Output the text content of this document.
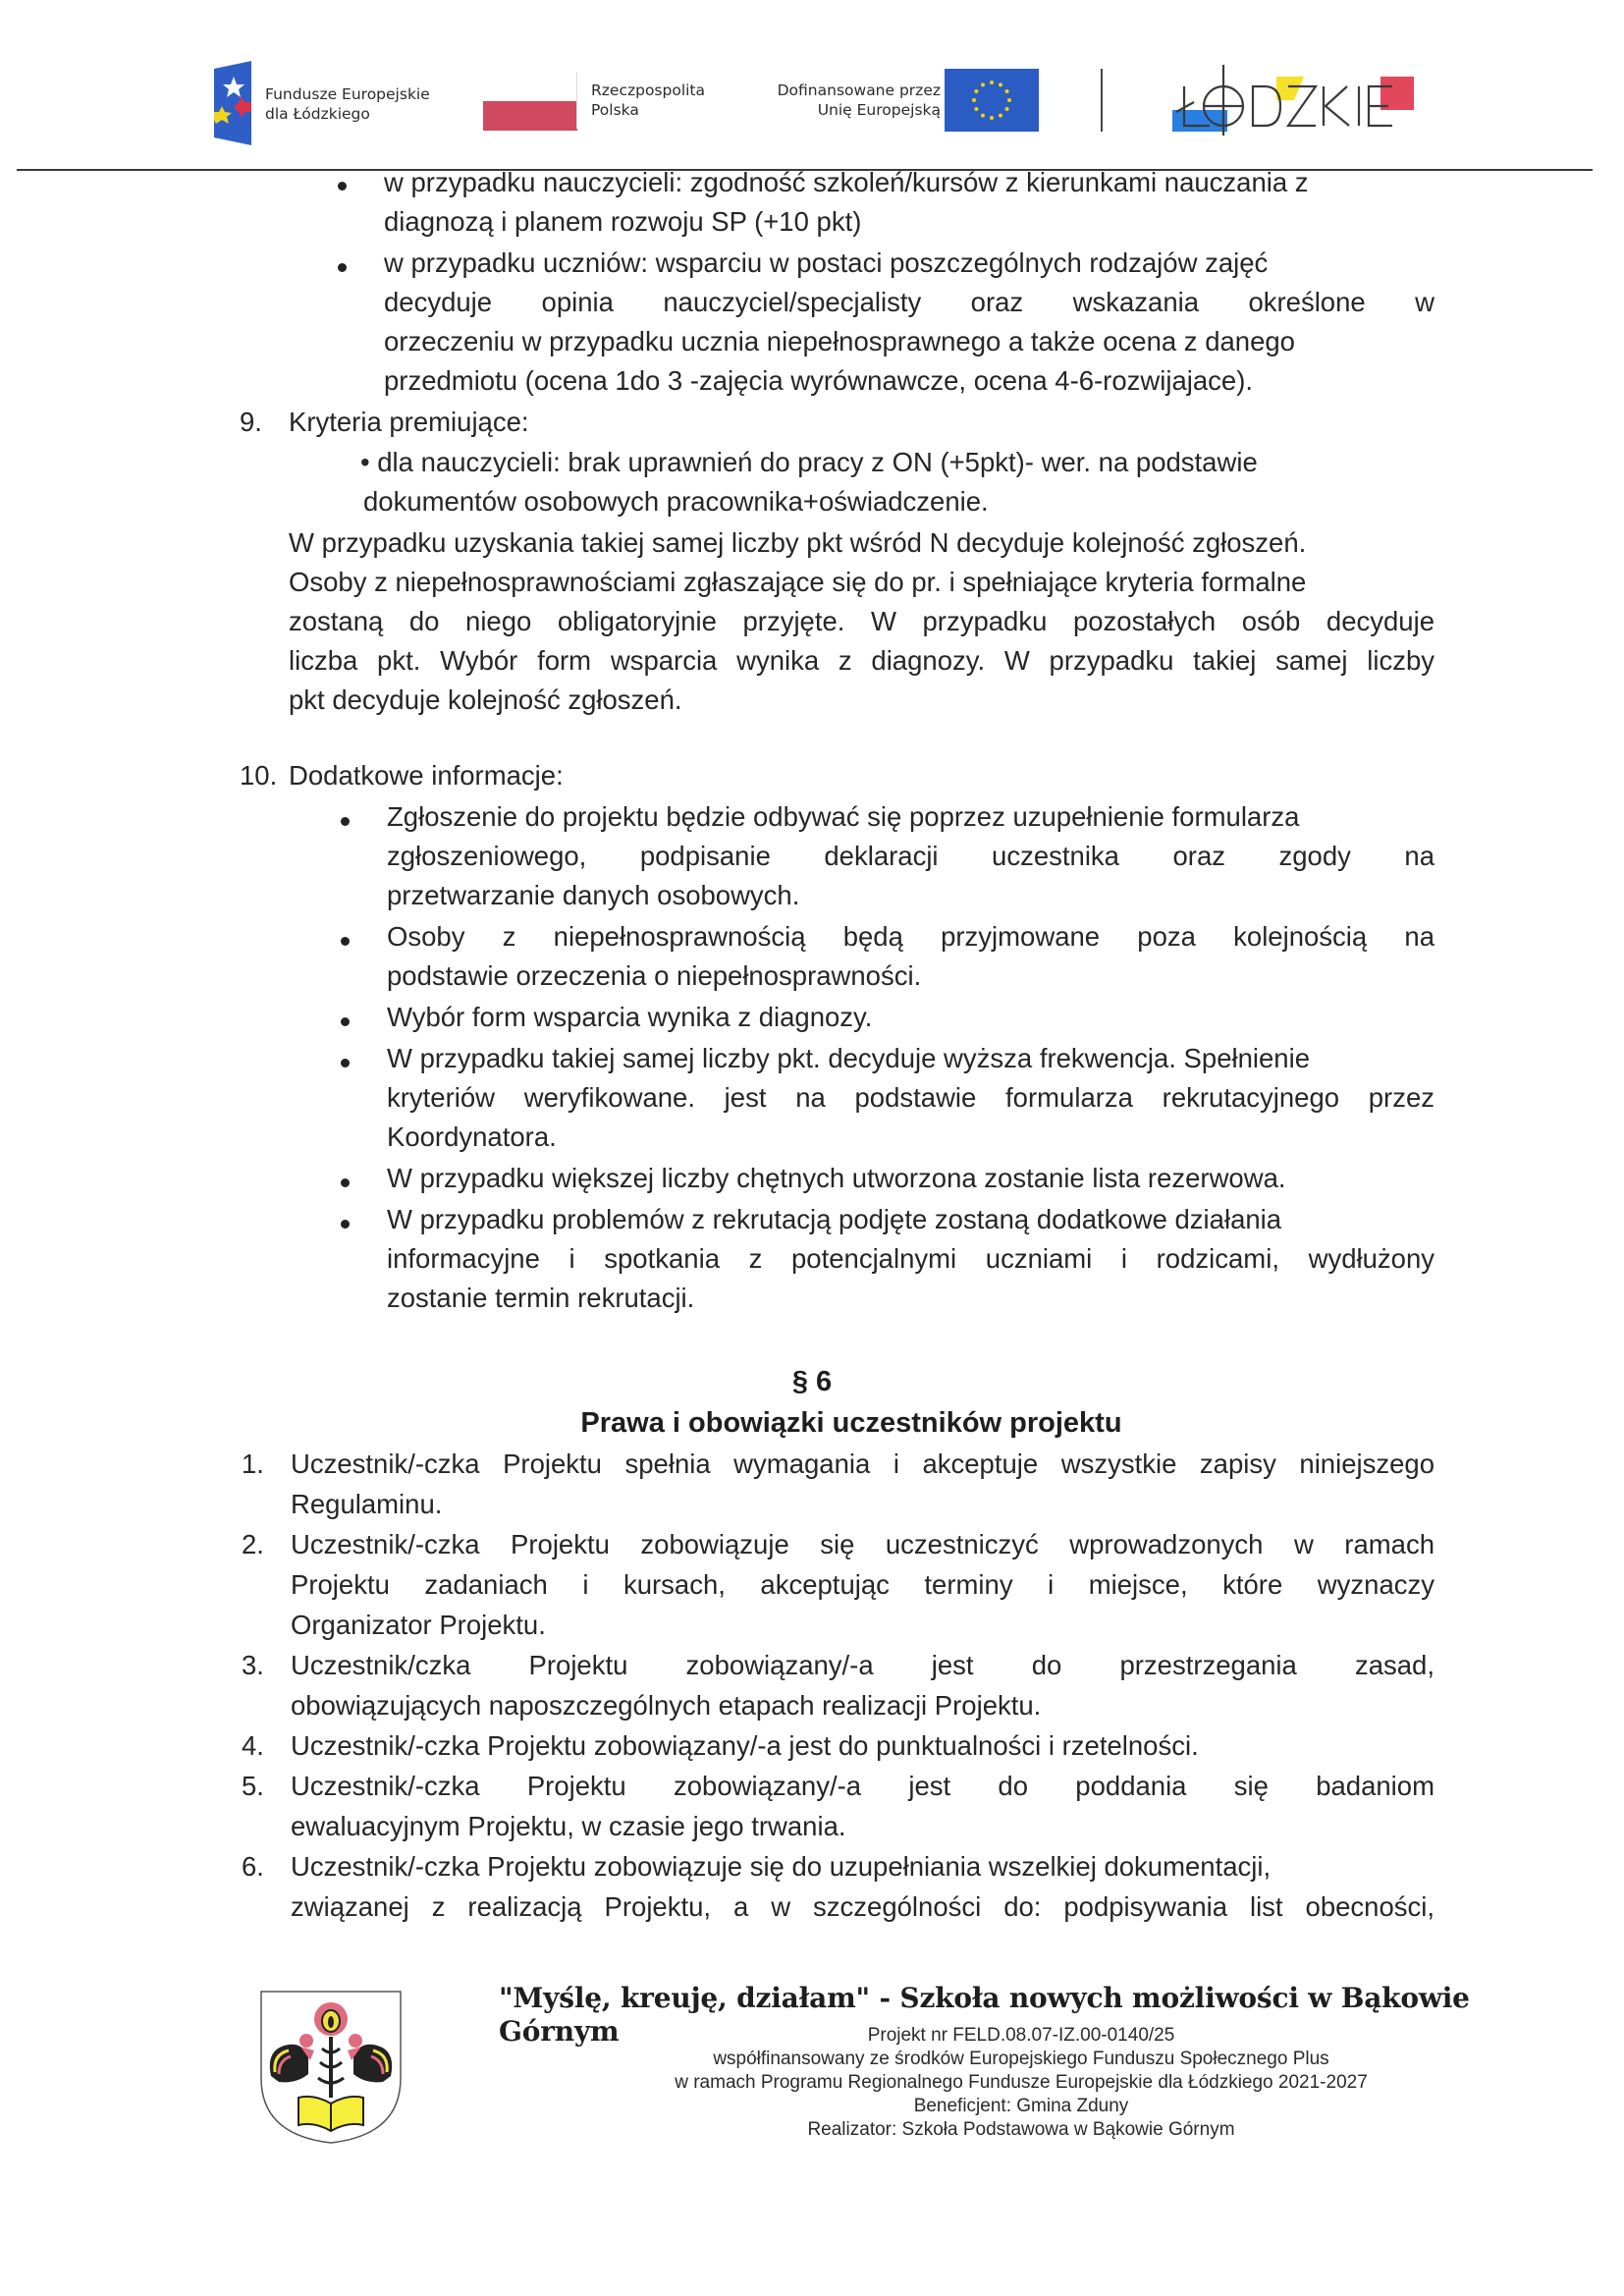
Fundusze Europejskie
dla Łódzkiego
Rzeczpospolita
Polska
Dofinansowane przez
Unię Europejską
w przypadku nauczycieli: zgodność szkoleń/kursów z kierunkami nauczania z
diagnozą i planem rozwoju SP (+10 pkt)
w przypadku uczniów: wsparciu w postaci poszczególnych rodzajów zajęć
decyduje opinia nauczyciel/specjalisty oraz wskazania określone w
orzeczeniu w przypadku ucznia niepełnosprawnego a także ocena z danego
przedmiotu (ocena 1do 3 -zajęcia wyrównawcze, ocena 4-6-rozwijajace).
9. Kryteria premiujące:
• dla nauczycieli: brak uprawnień do pracy z ON (+5pkt)- wer. na podstawie
dokumentów osobowych pracownika+oświadczenie.
W przypadku uzyskania takiej samej liczby pkt wśród N decyduje kolejność zgłoszeń.
Osoby z niepełnosprawnościami zgłaszające się do pr. i spełniające kryteria formalne
zostaną do niego obligatoryjnie przyjęte. W przypadku pozostałych osób decyduje
liczba pkt. Wybór form wsparcia wynika z diagnozy. W przypadku takiej samej liczby
pkt decyduje kolejność zgłoszeń.
10. Dodatkowe informacje:
Zgłoszenie do projektu będzie odbywać się poprzez uzupełnienie formularza
zgłoszeniowego, podpisanie deklaracji uczestnika oraz zgody na
przetwarzanie danych osobowych.
Osoby z niepełnosprawnością będą przyjmowane poza kolejnością na
podstawie orzeczenia o niepełnosprawności.
Wybór form wsparcia wynika z diagnozy.
W przypadku takiej samej liczby pkt. decyduje wyższa frekwencja. Spełnienie
kryteriów weryfikowane. jest na podstawie formularza rekrutacyjnego przez
Koordynatora.
W przypadku większej liczby chętnych utworzona zostanie lista rezerwowa.
W przypadku problemów z rekrutacją podjęte zostaną dodatkowe działania
informacyjne i spotkania z potencjalnymi uczniami i rodzicami, wydłużony
zostanie termin rekrutacji.
§ 6
Prawa i obowiązki uczestników projektu
1. Uczestnik/-czka Projektu spełnia wymagania i akceptuje wszystkie zapisy niniejszego
Regulaminu.
2. Uczestnik/-czka Projektu zobowiązuje się uczestniczyć wprowadzonych w ramach
Projektu zadaniach i kursach, akceptując terminy i miejsce, które wyznaczy
Organizator Projektu.
3. Uczestnik/czka Projektu zobowiązany/-a jest do przestrzegania zasad,
obowiązujących naposzczególnych etapach realizacji Projektu.
4. Uczestnik/-czka Projektu zobowiązany/-a jest do punktualności i rzetelności.
5. Uczestnik/-czka Projektu zobowiązany/-a jest do poddania się badaniom
ewaluacyjnym Projektu, w czasie jego trwania.
6. Uczestnik/-czka Projektu zobowiązuje się do uzupełniania wszelkiej dokumentacji,
związanej z realizacją Projektu, a w szczególności do: podpisywania list obecności,
"Myślę, kreuję, działam" - Szkoła nowych możliwości w Bąkowie Górnym	Projekt nr FELD.08.07-IZ.00-0140/25
współfinansowany ze środków Europejskiego Funduszu Społecznego Plus
w ramach Programu Regionalnego Fundusze Europejskie dla Łódzkiego 2021-2027
Beneficjent: Gmina Zduny
Realizator: Szkoła Podstawowa w Bąkowie Górnym
